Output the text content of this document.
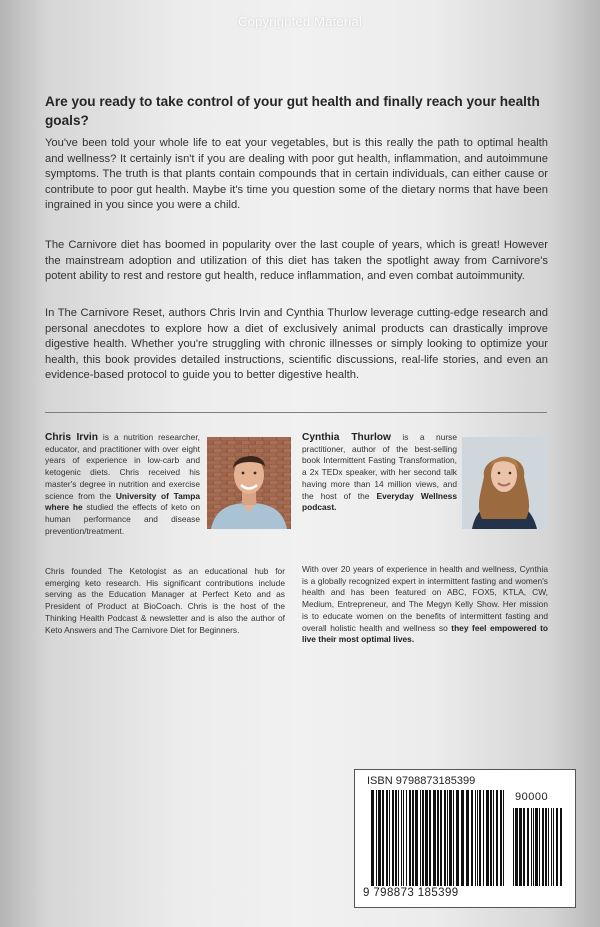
Copyrighted Material
Are you ready to take control of your gut health and finally reach your health goals?
You've been told your whole life to eat your vegetables, but is this really the path to optimal health and wellness? It certainly isn't if you are dealing with poor gut health, inflammation, and autoimmune symptoms. The truth is that plants contain compounds that in certain individuals, can either cause or contribute to poor gut health. Maybe it's time you question some of the dietary norms that have been ingrained in you since you were a child.
The Carnivore diet has boomed in popularity over the last couple of years, which is great! However the mainstream adoption and utilization of this diet has taken the spotlight away from Carnivore's potent ability to rest and restore gut health, reduce inflammation, and even combat autoimmunity.
In The Carnivore Reset, authors Chris Irvin and Cynthia Thurlow leverage cutting-edge research and personal anecdotes to explore how a diet of exclusively animal products can drastically improve digestive health. Whether you're struggling with chronic illnesses or simply looking to optimize your health, this book provides detailed instructions, scientific discussions, real-life stories, and even an evidence-based protocol to guide you to better digestive health.
Chris Irvin is a nutrition researcher, educator, and practitioner with over eight years of experience in low-carb and ketogenic diets. Chris received his master's degree in nutrition and exercise science from the University of Tampa where he studied the effects of keto on human performance and disease prevention/treatment.
Chris founded The Ketologist as an educational hub for emerging keto research. His significant contributions include serving as the Education Manager at Perfect Keto and as President of Product at BioCoach. Chris is the host of the Thinking Health Podcast & newsletter and is also the author of Keto Answers and The Carnivore Diet for Beginners.
Cynthia Thurlow is a nurse practitioner, author of the best-selling book Intermittent Fasting Transformation, a 2x TEDx speaker, with her second talk having more than 14 million views, and the host of the Everyday Wellness podcast.
With over 20 years of experience in health and wellness, Cynthia is a globally recognized expert in intermittent fasting and women's health and has been featured on ABC, FOX5, KTLA, CW, Medium, Entrepreneur, and The Megyn Kelly Show. Her mission is to educate women on the benefits of intermittent fasting and overall holistic health and wellness so they feel empowered to live their most optimal lives.
ISBN 9798873185399
90000
9 798873 185399
